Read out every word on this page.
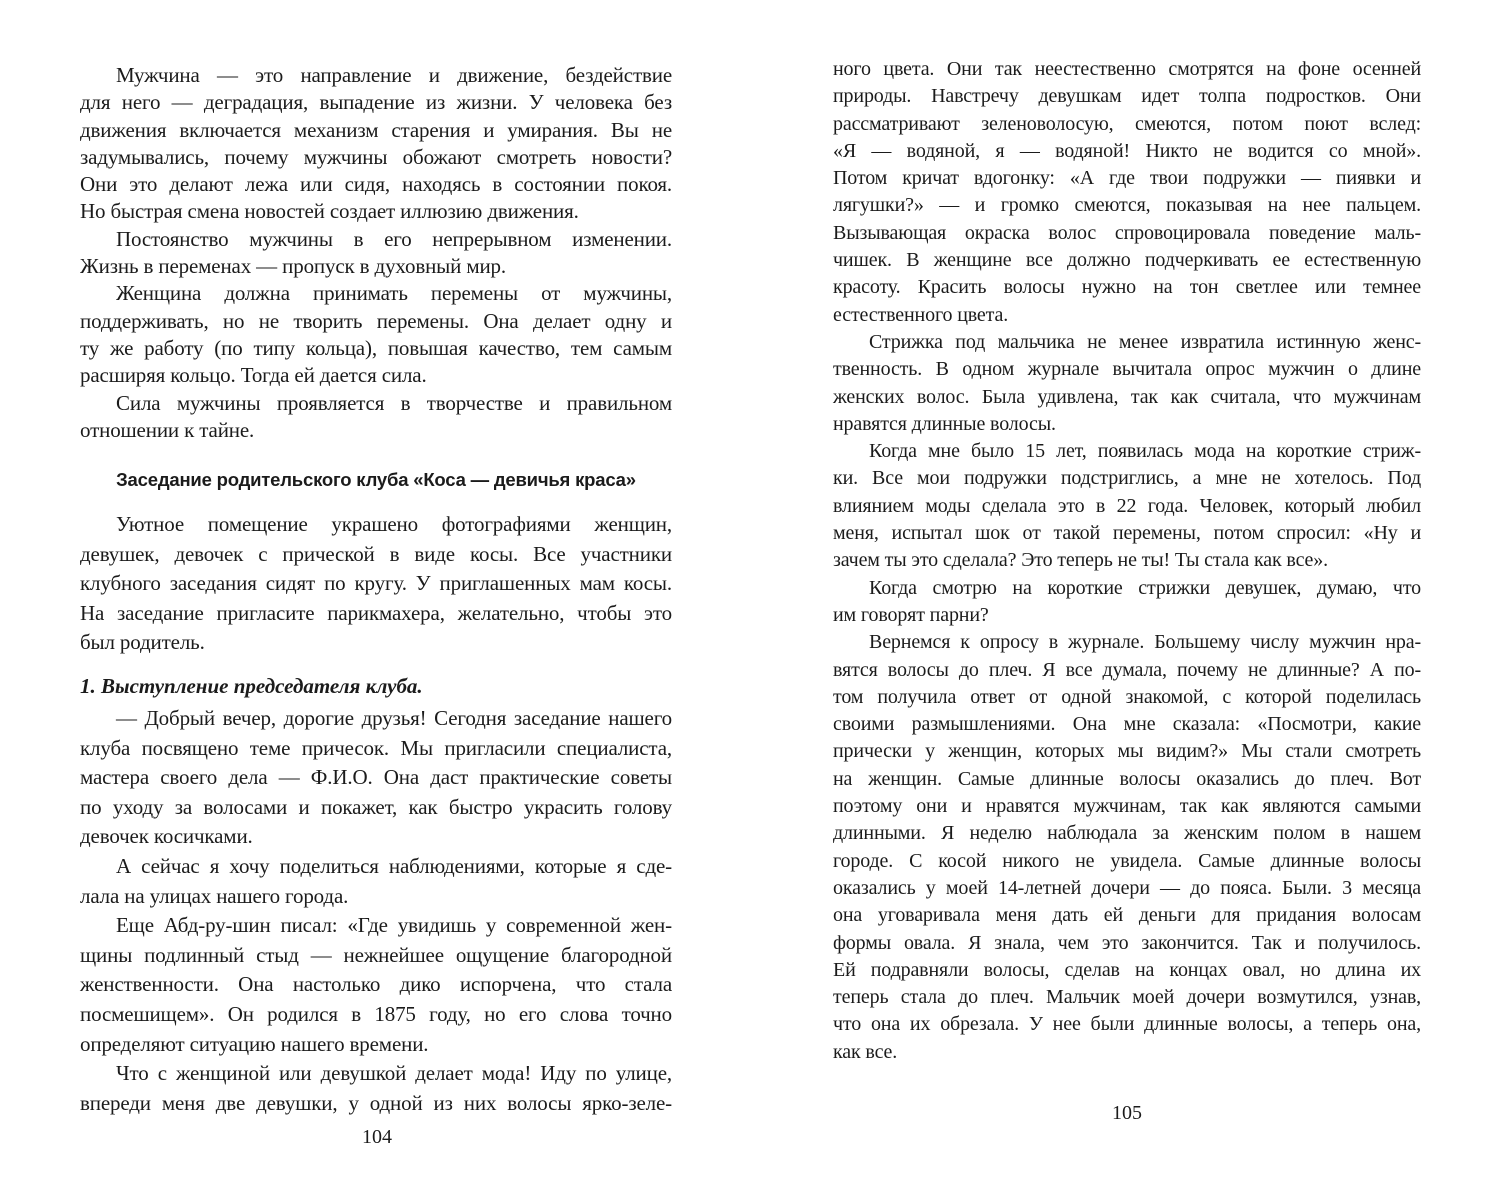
Мужчина — это направление и движение, бездействие
для него — деградация, выпадение из жизни. У человека без
движения включается механизм старения и умирания. Вы не
задумывались, почему мужчины обожают смотреть новости?
Они это делают лежа или сидя, находясь в состоянии покоя.
Но быстрая смена новостей создает иллюзию движения.
Постоянство мужчины в его непрерывном изменении.
Жизнь в переменах — пропуск в духовный мир.
Женщина должна принимать перемены от мужчины,
поддерживать, но не творить перемены. Она делает одну и
ту же работу (по типу кольца), повышая качество, тем самым
расширяя кольцо. Тогда ей дается сила.
Сила мужчины проявляется в творчестве и правильном
отношении к тайне.
Заседание родительского клуба «Коса — девичья краса»
Уютное помещение украшено фотографиями женщин,
девушек, девочек с прической в виде косы. Все участники
клубного заседания сидят по кругу. У приглашенных мам косы.
На заседание пригласите парикмахера, желательно, чтобы это
был родитель.
1. Выступление председателя клуба.
— Добрый вечер, дорогие друзья! Сегодня заседание нашего
клуба посвящено теме причесок. Мы пригласили специалиста,
мастера своего дела — Ф.И.О. Она даст практические советы
по уходу за волосами и покажет, как быстро украсить голову
девочек косичками.
А сейчас я хочу поделиться наблюдениями, которые я сде-
лала на улицах нашего города.
Еще Абд-ру-шин писал: «Где увидишь у современной жен-
щины подлинный стыд — нежнейшее ощущение благородной
женственности. Она настолько дико испорчена, что стала
посмешищем». Он родился в 1875 году, но его слова точно
определяют ситуацию нашего времени.
Что с женщиной или девушкой делает мода! Иду по улице,
впереди меня две девушки, у одной из них волосы ярко-зеле-
104
ного цвета. Они так неестественно смотрятся на фоне осенней
природы. Навстречу девушкам идет толпа подростков. Они
рассматривают зеленоволосую, смеются, потом поют вслед:
«Я — водяной, я — водяной! Никто не водится со мной».
Потом кричат вдогонку: «А где твои подружки — пиявки и
лягушки?» — и громко смеются, показывая на нее пальцем.
Вызывающая окраска волос спровоцировала поведение маль-
чишек. В женщине все должно подчеркивать ее естественную
красоту. Красить волосы нужно на тон светлее или темнее
естественного цвета.
Стрижка под мальчика не менее извратила истинную женс-
твенность. В одном журнале вычитала опрос мужчин о длине
женских волос. Была удивлена, так как считала, что мужчинам
нравятся длинные волосы.
Когда мне было 15 лет, появилась мода на короткие стриж-
ки. Все мои подружки подстриглись, а мне не хотелось. Под
влиянием моды сделала это в 22 года. Человек, который любил
меня, испытал шок от такой перемены, потом спросил: «Ну и
зачем ты это сделала? Это теперь не ты! Ты стала как все».
Когда смотрю на короткие стрижки девушек, думаю, что
им говорят парни?
Вернемся к опросу в журнале. Большему числу мужчин нра-
вятся волосы до плеч. Я все думала, почему не длинные? А по-
том получила ответ от одной знакомой, с которой поделилась
своими размышлениями. Она мне сказала: «Посмотри, какие
прически у женщин, которых мы видим?» Мы стали смотреть
на женщин. Самые длинные волосы оказались до плеч. Вот
поэтому они и нравятся мужчинам, так как являются самыми
длинными. Я неделю наблюдала за женским полом в нашем
городе. С косой никого не увидела. Самые длинные волосы
оказались у моей 14-летней дочери — до пояса. Были. 3 месяца
она уговаривала меня дать ей деньги для придания волосам
формы овала. Я знала, чем это закончится. Так и получилось.
Ей подравняли волосы, сделав на концах овал, но длина их
теперь стала до плеч. Мальчик моей дочери возмутился, узнав,
что она их обрезала. У нее были длинные волосы, а теперь она,
как все.
105
